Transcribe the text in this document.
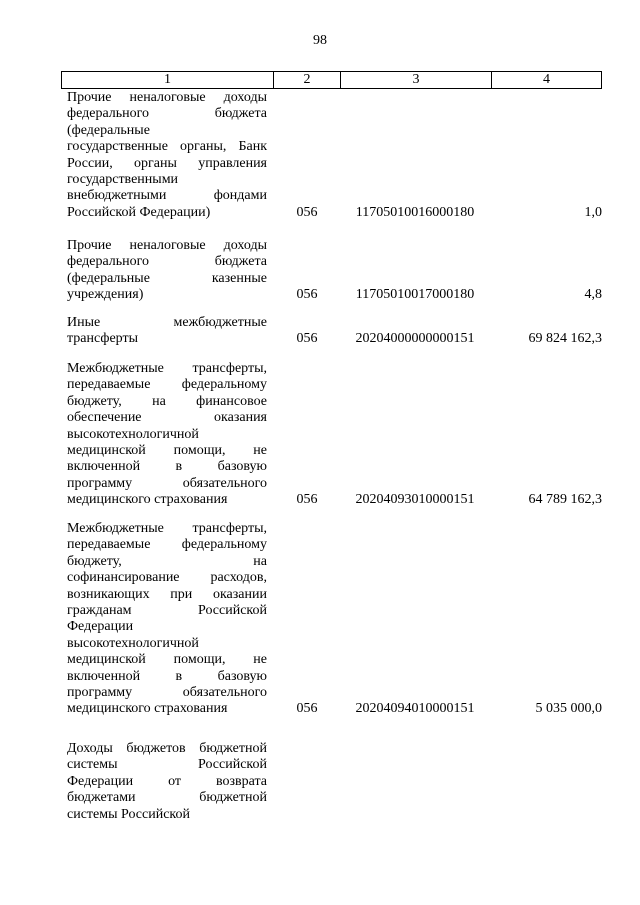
98
1	2	3	4
Прочие неналоговые доходы
федерального бюджета
(федеральные
государственные органы, Банк
России, органы управления
государственными
внебюджетными фондами
Российской Федерации)	056	11705010016000180	1,0
Прочие неналоговые доходы
федерального бюджета
(федеральные казенные
учреждения)	056	11705010017000180	4,8
Иные межбюджетные
трансферты	056	20204000000000151	69 824 162,3
Межбюджетные трансферты,
передаваемые федеральному
бюджету, на финансовое
обеспечение оказания
высокотехнологичной
медицинской помощи, не
включенной в базовую
программу обязательного
медицинского страхования	056	20204093010000151	64 789 162,3
Межбюджетные трансферты,
передаваемые федеральному
бюджету, на
софинансирование расходов,
возникающих при оказании
гражданам Российской
Федерации
высокотехнологичной
медицинской помощи, не
включенной в базовую
программу обязательного
медицинского страхования	056	20204094010000151	5 035 000,0
Доходы бюджетов бюджетной
системы Российской
Федерации от возврата
бюджетами бюджетной
системы Российской
